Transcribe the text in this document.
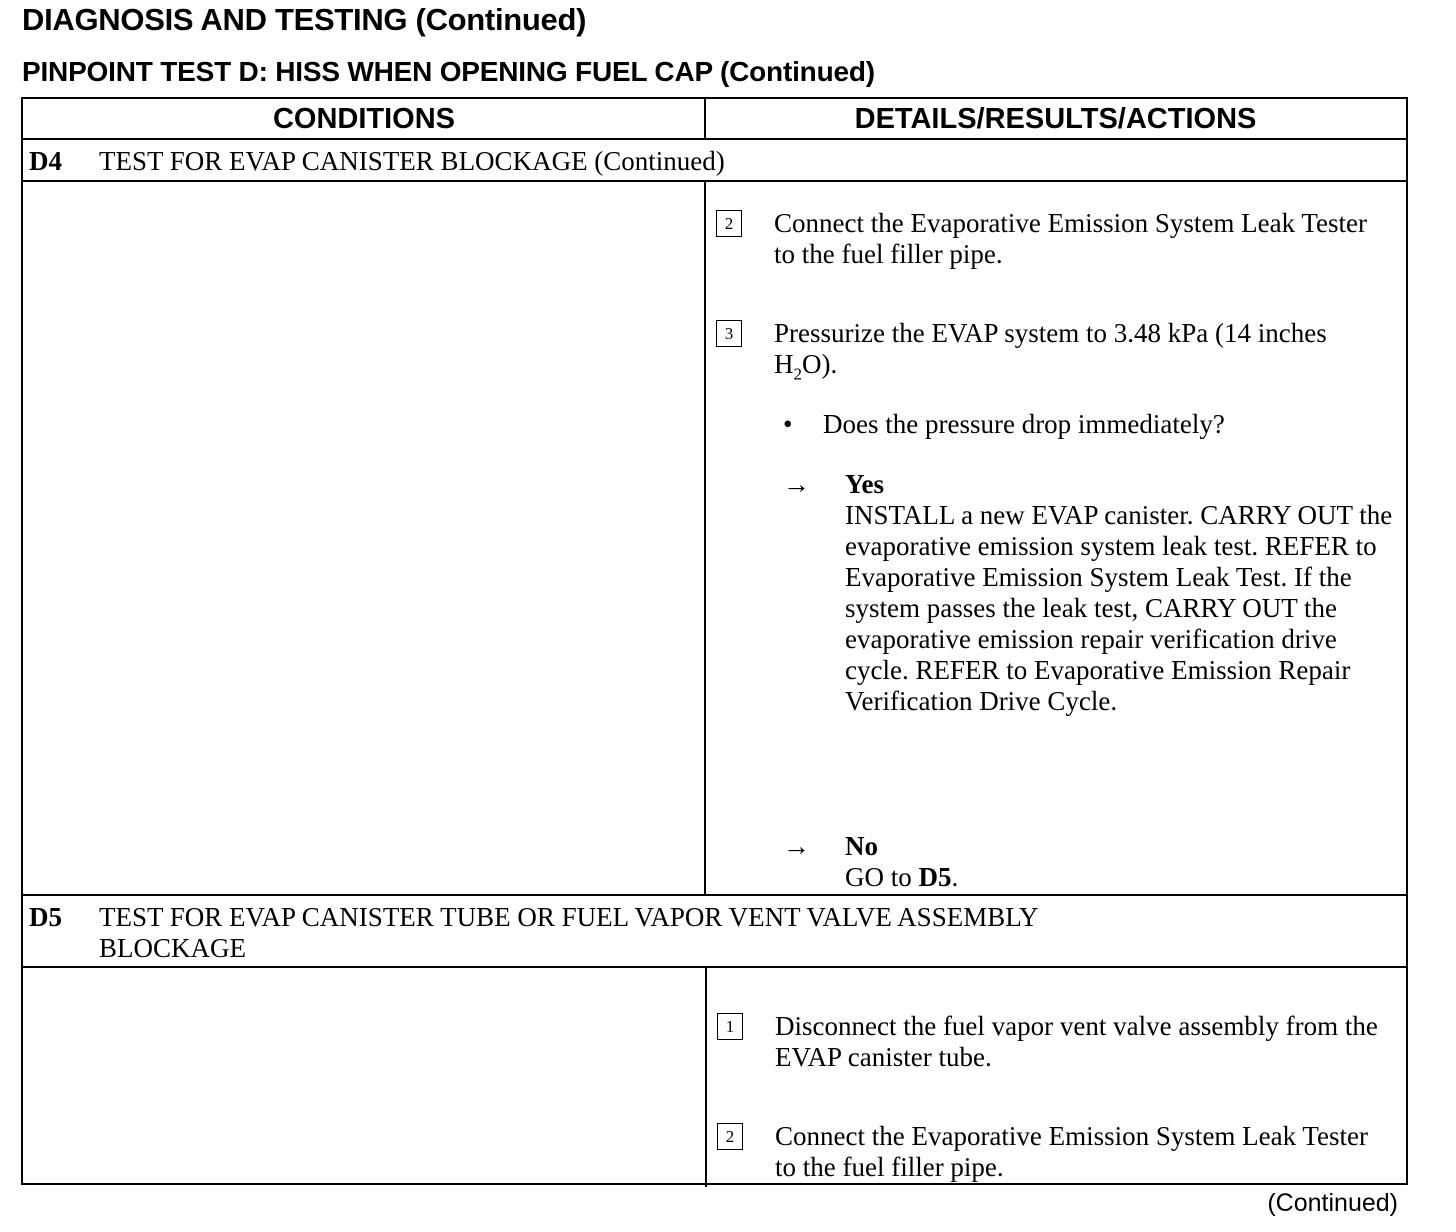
DIAGNOSIS AND TESTING (Continued)
PINPOINT TEST D: HISS WHEN OPENING FUEL CAP (Continued)
CONDITIONS	DETAILS/RESULTS/ACTIONS
D4 TEST FOR EVAP CANISTER BLOCKAGE (Continued)
2	Connect the Evaporative Emission System Leak Tester to the fuel filler pipe.
3	Pressurize the EVAP system to 3.48 kPa (14 inches $H_2O$).
• Does the pressure drop immediately?
→ Yes
INSTALL a new EVAP canister. CARRY OUT the evaporative emission system leak test. REFER to Evaporative Emission System Leak Test. If the system passes the leak test, CARRY OUT the evaporative emission repair verification drive cycle. REFER to Evaporative Emission Repair Verification Drive Cycle.
→ No
GO to D5.
D5 TEST FOR EVAP CANISTER TUBE OR FUEL VAPOR VENT VALVE ASSEMBLY
BLOCKAGE
1	Disconnect the fuel vapor vent valve assembly from the EVAP canister tube.
2	Connect the Evaporative Emission System Leak Tester to the fuel filler pipe.
(Continued)
